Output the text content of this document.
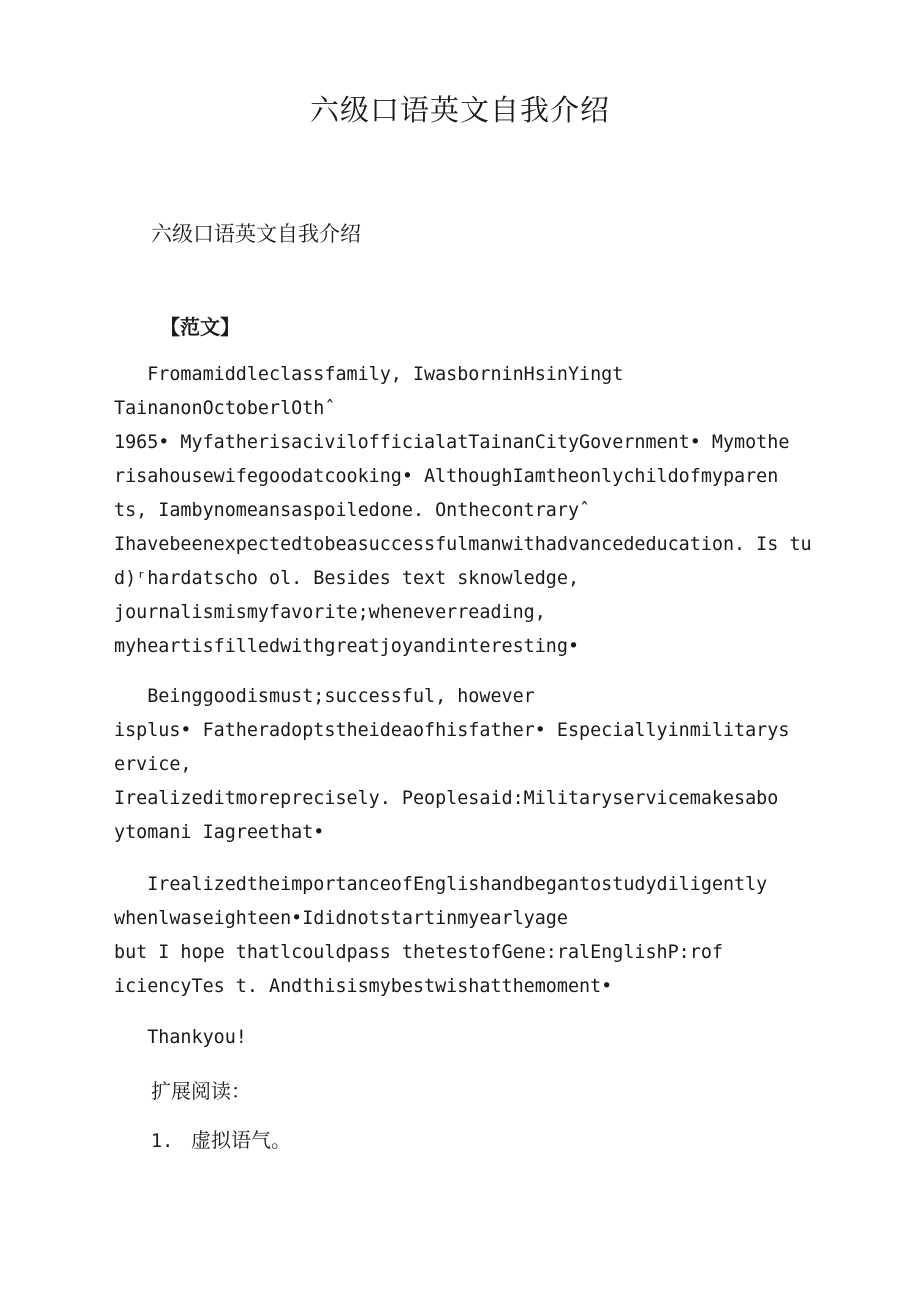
六级口语英文自我介绍
六级口语英文自我介绍
【范文】
Fromamiddleclassfamily, IwasborninHsinYingt
TainanonOctoberlOthˆ
1965• MyfatherisacivilofficialatTainanCityGovernment• Mymothe
risahousewifegoodatcooking• AlthoughIamtheonlychildofmyparen
ts, Iambynomeansaspoiledone. Onthecontraryˆ
Ihavebeenexpectedtobeasuccessfulmanwithadvancededucation. Is tu
d)ʳhardatscho ol. Besides text sknowledge,
journalismismyfavorite;wheneverreading,
myheartisfilledwithgreatjoyandinteresting•
Beinggoodismust;successful, however
isplus• Fatheradoptstheideaofhisfather• Especiallyinmilitarys
ervice,
Irealizeditmoreprecisely. Peoplesaid:Militaryservicemakesabo
ytomani Iagreethat•
IrealizedtheimportanceofEnglishandbegantostudydiligently
whenlwaseighteen•Ididnotstartinmyearlyage
but I hope thatlcouldpass thetestofGene:ralEnglishP:rof
iciencyTes t. Andthisismybestwishatthemoment•
Thankyou!
扩展阅读：
1. 虚拟语气。
